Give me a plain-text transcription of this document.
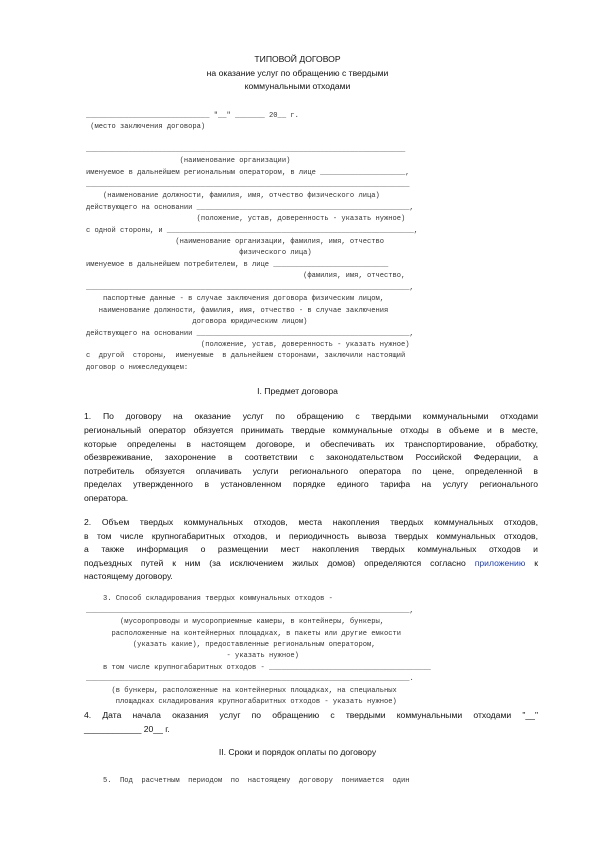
ТИПОВОЙ ДОГОВОР
на оказание услуг по обращению с твердыми
коммунальными отходами
_____________________________ "__" _______ 20__ г.
(место заключения договора)
___________________________________________________________________________
(наименование организации)
именуемое в дальнейшем региональным оператором, в лице ____________________,
____________________________________________________________________________
(наименование должности, фамилия, имя, отчество физического лица)
действующего на основании __________________________________________________,
(положение, устав, доверенность - указать нужное)
с одной стороны, и __________________________________________________________,
(наименование организации, фамилия, имя, отчество
физического лица)
именуемое в дальнейшем потребителем, в лице ___________________________
(фамилия, имя, отчество,
____________________________________________________________________________,
паспортные данные - в случае заключения договора физическим лицом,
наименование должности, фамилия, имя, отчество - в случае заключения
договора юридическим лицом)
действующего на основании __________________________________________________,
(положение, устав, доверенность - указать нужное)
с  другой  стороны,  именуемые  в дальнейшем сторонами, заключили настоящий
договор о нижеследующем:
I. Предмет договора
1. По договору на оказание услуг по обращению с твердыми коммунальными отходами
региональный оператор обязуется принимать твердые коммунальные отходы в объеме и в месте,
которые определены в настоящем договоре, и обеспечивать их транспортирование, обработку,
обезвреживание, захоронение в соответствии с законодательством Российской Федерации, а
потребитель обязуется оплачивать услуги регионального оператора по цене, определенной в
пределах утвержденного в установленном порядке единого тарифа на услугу регионального
оператора.
2. Объем твердых коммунальных отходов, места накопления твердых коммунальных отходов,
в том числе крупногабаритных отходов, и периодичность вывоза твердых коммунальных отходов,
а также информация о размещении мест накопления твердых коммунальных отходов и
подъездных путей к ним (за исключением жилых домов) определяются согласно приложению к
настоящему договору.
3. Способ складирования твердых коммунальных отходов -
____________________________________________________________________________,
(мусоропроводы и мусороприемные камеры, в контейнеры, бункеры,
расположенные на контейнерных площадках, в пакеты или другие емкости
(указать какие), предоставленные региональным оператором,
- указать нужное)
в том числе крупногабаритных отходов - ______________________________________
____________________________________________________________________________.
(в бункеры, расположенные на контейнерных площадках, на специальных
площадках складирования крупногабаритных отходов - указать нужное)
4. Дата начала оказания услуг по обращению с твердыми коммунальными отходами "__"
____________ 20__ г.
II. Сроки и порядок оплаты по договору
5.  Под  расчетным  периодом  по  настоящему  договору  понимается  один
